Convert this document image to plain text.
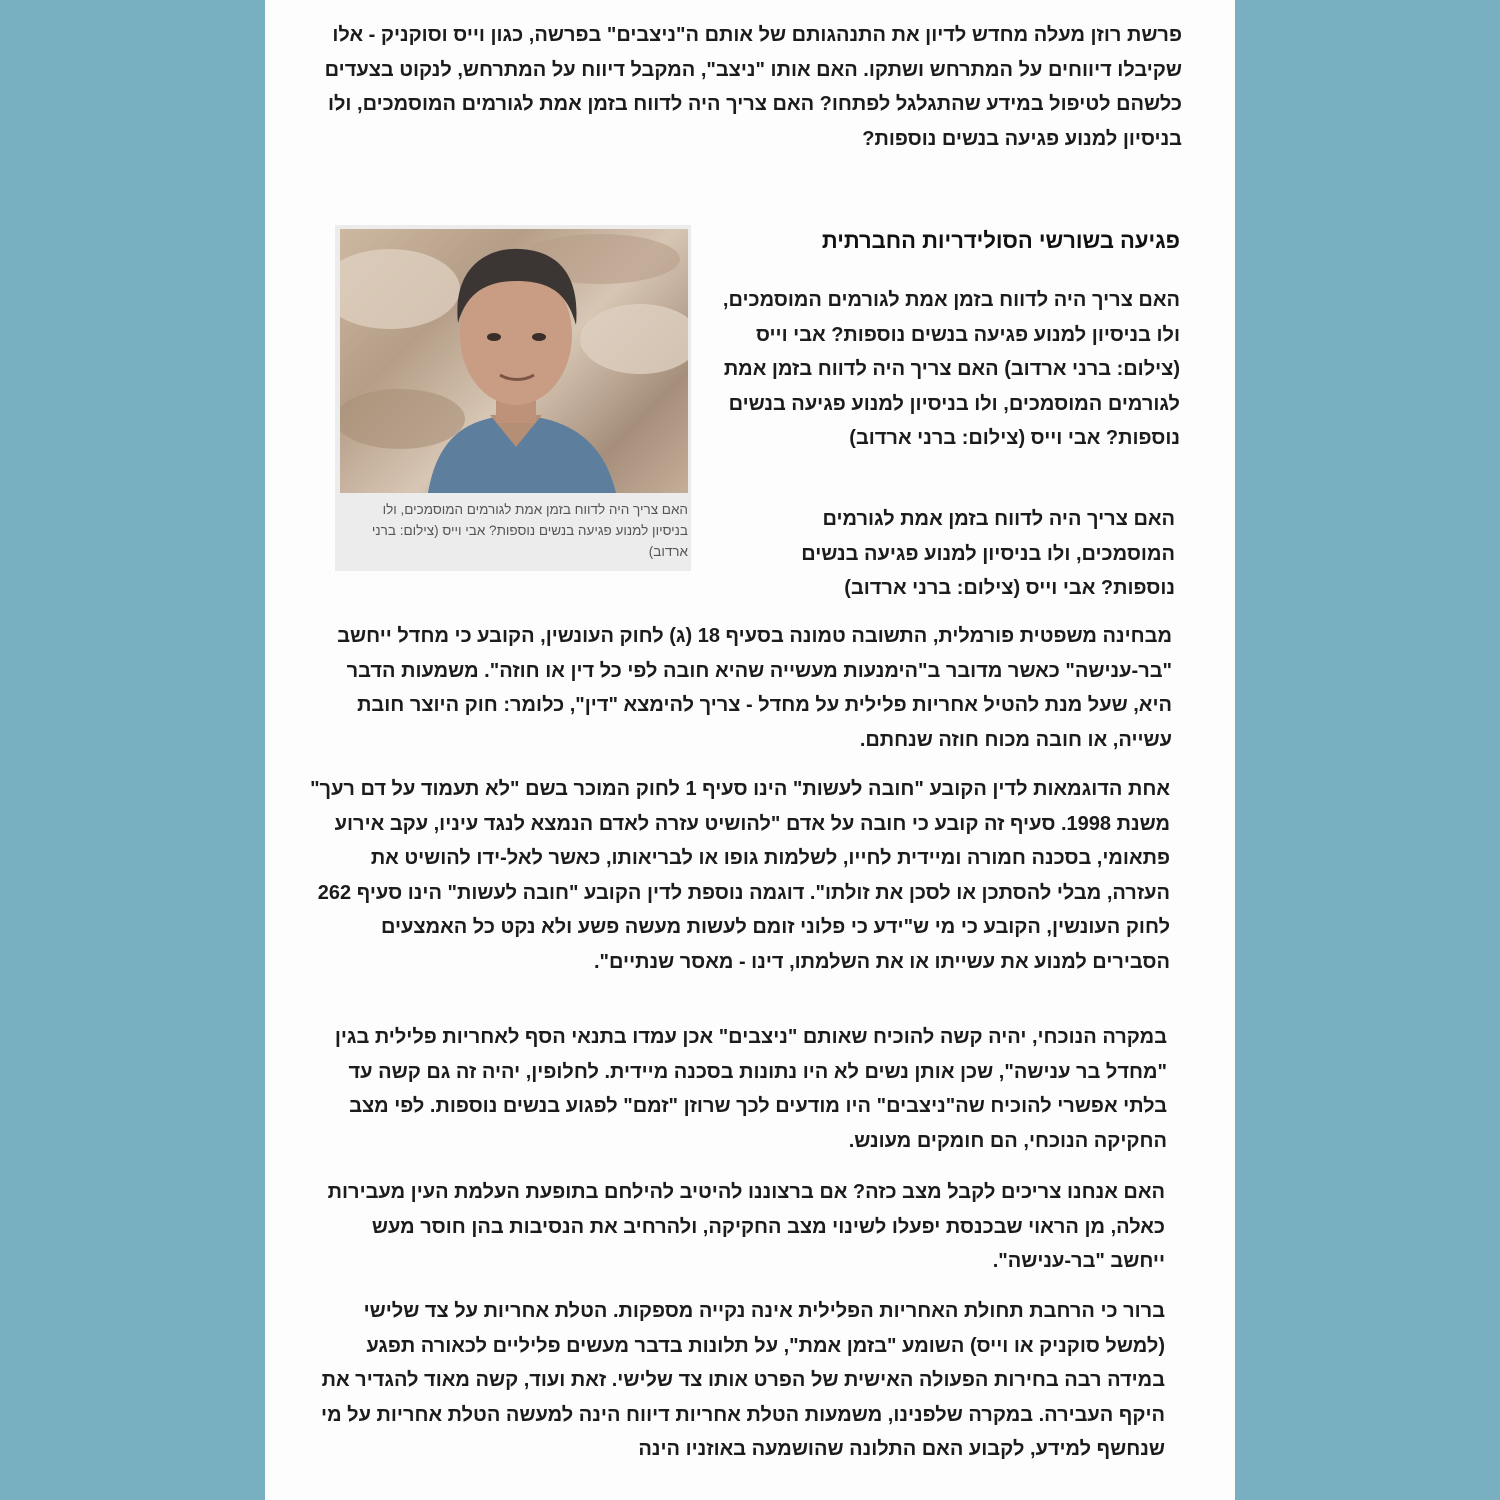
פרשת רוזן מעלה מחדש לדיון את התנהגותם של אותם ה"ניצבים" בפרשה, כגון וייס וסוקניק - אלו שקיבלו דיווחים על המתרחש ושתקו. האם אותו "ניצב", המקבל דיווח על המתרחש, לנקוט בצעדים כלשהם לטיפול במידע שהתגלגל לפתחו? האם צריך היה לדווח בזמן אמת לגורמים המוסמכים, ולו בניסיון למנוע פגיעה בנשים נוספות?

פגיעה בשורשי הסולידריות החברתית

האם צריך היה לדווח בזמן אמת לגורמים המוסמכים, ולו בניסיון למנוע פגיעה בנשים נוספות? אבי וייס (צילום: ברני ארדוב) האם צריך היה לדווח בזמן אמת לגורמים המוסמכים, ולו בניסיון למנוע פגיעה בנשים נוספות? אבי וייס (צילום: ברני ארדוב)

האם צריך היה לדווח בזמן אמת לגורמים המוסמכים, ולו בניסיון למנוע פגיעה בנשים נוספות? אבי וייס (צילום: ברני ארדוב)

האם צריך היה לדווח בזמן אמת לגורמים המוסמכים, ולו בניסיון למנוע פגיעה בנשים נוספות? אבי וייס (צילום: ברני ארדוב)

מבחינה משפטית פורמלית, התשובה טמונה בסעיף 18 (ג) לחוק העונשין, הקובע כי מחדל ייחשב "בר-ענישה" כאשר מדובר ב"הימנעות מעשייה שהיא חובה לפי כל דין או חוזה". משמעות הדבר היא, שעל מנת להטיל אחריות פלילית על מחדל - צריך להימצא "דין", כלומר: חוק היוצר חובת עשייה, או חובה מכוח חוזה שנחתם.

אחת הדוגמאות לדין הקובע "חובה לעשות" הינו סעיף 1 לחוק המוכר בשם "לא תעמוד על דם רעך" משנת 1998. סעיף זה קובע כי חובה על אדם "להושיט עזרה לאדם הנמצא לנגד עיניו, עקב אירוע פתאומי, בסכנה חמורה ומיידית לחייו, לשלמות גופו או לבריאותו, כאשר לאל-ידו להושיט את העזרה, מבלי להסתכן או לסכן את זולתו". דוגמה נוספת לדין הקובע "חובה לעשות" הינו סעיף 262 לחוק העונשין, הקובע כי מי ש"ידע כי פלוני זומם לעשות מעשה פשע ולא נקט כל האמצעים הסבירים למנוע את עשייתו או את השלמתו, דינו - מאסר שנתיים".

במקרה הנוכחי, יהיה קשה להוכיח שאותם "ניצבים" אכן עמדו בתנאי הסף לאחריות פלילית בגין "מחדל בר ענישה", שכן אותן נשים לא היו נתונות בסכנה מיידית. לחלופין, יהיה זה גם קשה עד בלתי אפשרי להוכיח שה"ניצבים" היו מודעים לכך שרוזן "זמם" לפגוע בנשים נוספות. לפי מצב החקיקה הנוכחי, הם חומקים מעונש.

האם אנחנו צריכים לקבל מצב כזה? אם ברצוננו להיטיב להילחם בתופעת העלמת העין מעבירות כאלה, מן הראוי שבכנסת יפעלו לשינוי מצב החקיקה, ולהרחיב את הנסיבות בהן חוסר מעש ייחשב "בר-ענישה".

ברור כי הרחבת תחולת האחריות הפלילית אינה נקייה מספקות. הטלת אחריות על צד שלישי (למשל סוקניק או וייס) השומע "בזמן אמת", על תלונות בדבר מעשים פליליים לכאורה תפגע במידה רבה בחירות הפעולה האישית של הפרט אותו צד שלישי. זאת ועוד, קשה מאוד להגדיר את היקף העבירה. במקרה שלפנינו, משמעות הטלת אחריות דיווח הינה למעשה הטלת אחריות על מי שנחשף למידע, לקבוע האם התלונה שהושמעה באוזניו הינה
